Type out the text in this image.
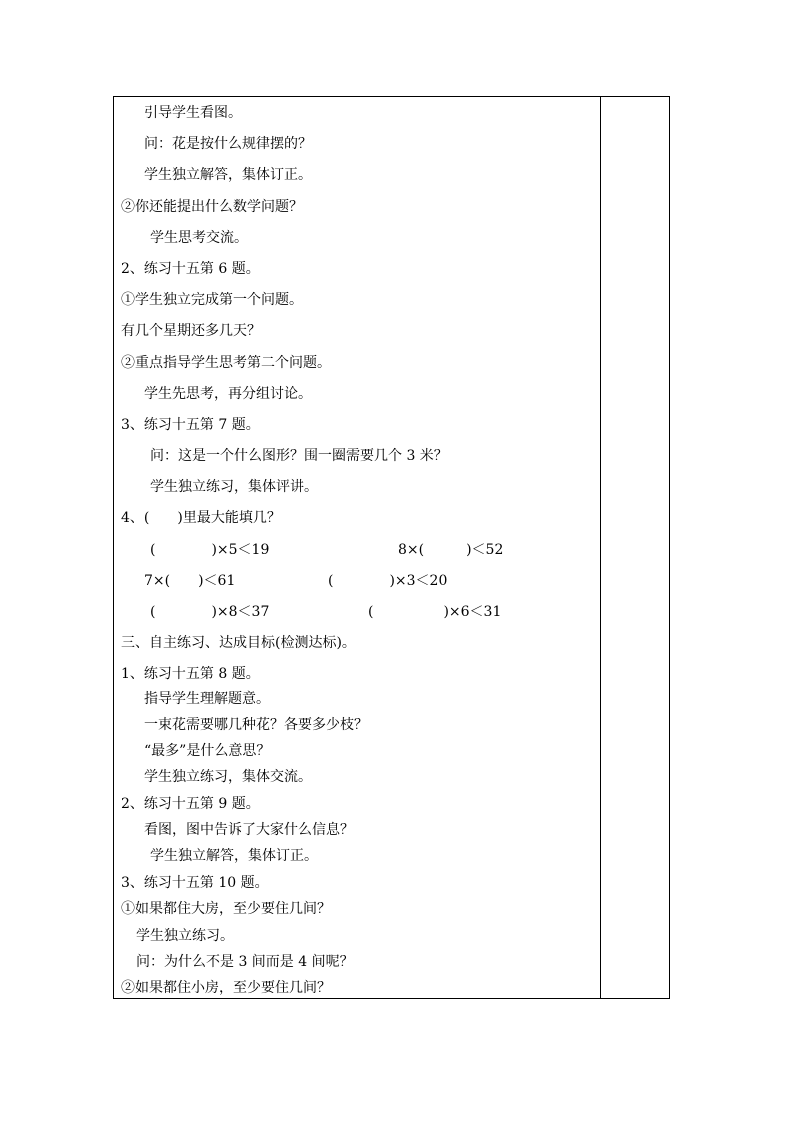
引导学生看图。
问：花是按什么规律摆的？
学生独立解答，集体订正。
②你还能提出什么数学问题？
学生思考交流。
2、练习十五第 6 题。
①学生独立完成第一个问题。
有几个星期还多几天？
②重点指导学生思考第二个问题。
学生先思考，再分组讨论。
3、练习十五第 7 题。
问：这是一个什么图形？围一圈需要几个 3 米？
学生独立练习，集体评讲。
4、(　　)里最大能填几？
(　　　　)×5＜19	8×(　　　)＜52
7×(　　)＜61	(　　　　)×3＜20
(　　　　)×8＜37	(　　　　　)×6＜31
三、自主练习、达成目标(检测达标)。
1、练习十五第 8 题。
指导学生理解题意。
一束花需要哪几种花？各要多少枝？
“最多”是什么意思？
学生独立练习，集体交流。
2、练习十五第 9 题。
看图，图中告诉了大家什么信息？
学生独立解答，集体订正。
3、练习十五第 10 题。
①如果都住大房，至少要住几间？
学生独立练习。
问：为什么不是 3 间而是 4 间呢？
②如果都住小房，至少要住几间？
